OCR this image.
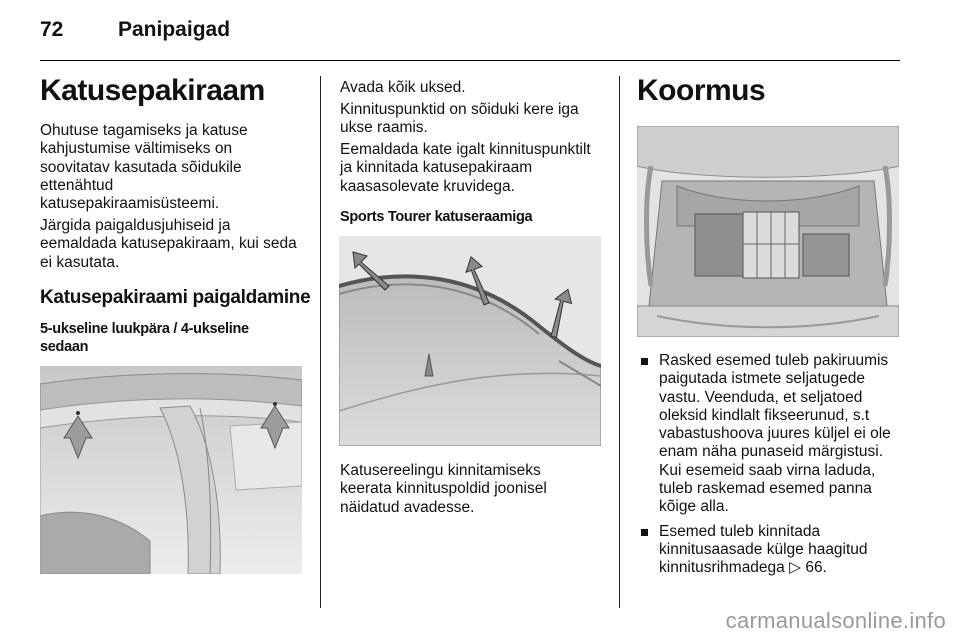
72	Panipaigad
Katusepakiraam
Ohutuse tagamiseks ja katuse
kahjustumise vältimiseks on
soovitatav kasutada sõidukile
ettenähtud
katusepakiraamisüsteemi.
Järgida paigaldusjuhiseid ja
eemaldada katusepakiraam, kui seda
ei kasutata.
Katusepakiraami paigaldamine
5-ukseline luukpära / 4-ukseline
sedaan
Avada kõik uksed.
Kinnituspunktid on sõiduki kere iga
ukse raamis.
Eemaldada kate igalt kinnituspunktilt
ja kinnitada katusepakiraam
kaasasolevate kruvidega.
Sports Tourer katuseraamiga
Katusereelingu kinnitamiseks
keerata kinnituspoldid joonisel
näidatud avadesse.
Koormus
Rasked esemed tuleb pakiruumis
paigutada istmete seljatugede
vastu. Veenduda, et seljatoed
oleksid kindlalt fikseerunud, s.t
vabastushoova juures küljel ei ole
enam näha punaseid märgistusi.
Kui esemeid saab virna laduda,
tuleb raskemad esemed panna
kõige alla.
Esemed tuleb kinnitada
kinnitusaasade külge haagitud
kinnitusrihmadega ▷ 66.
carmanualsonline.info
